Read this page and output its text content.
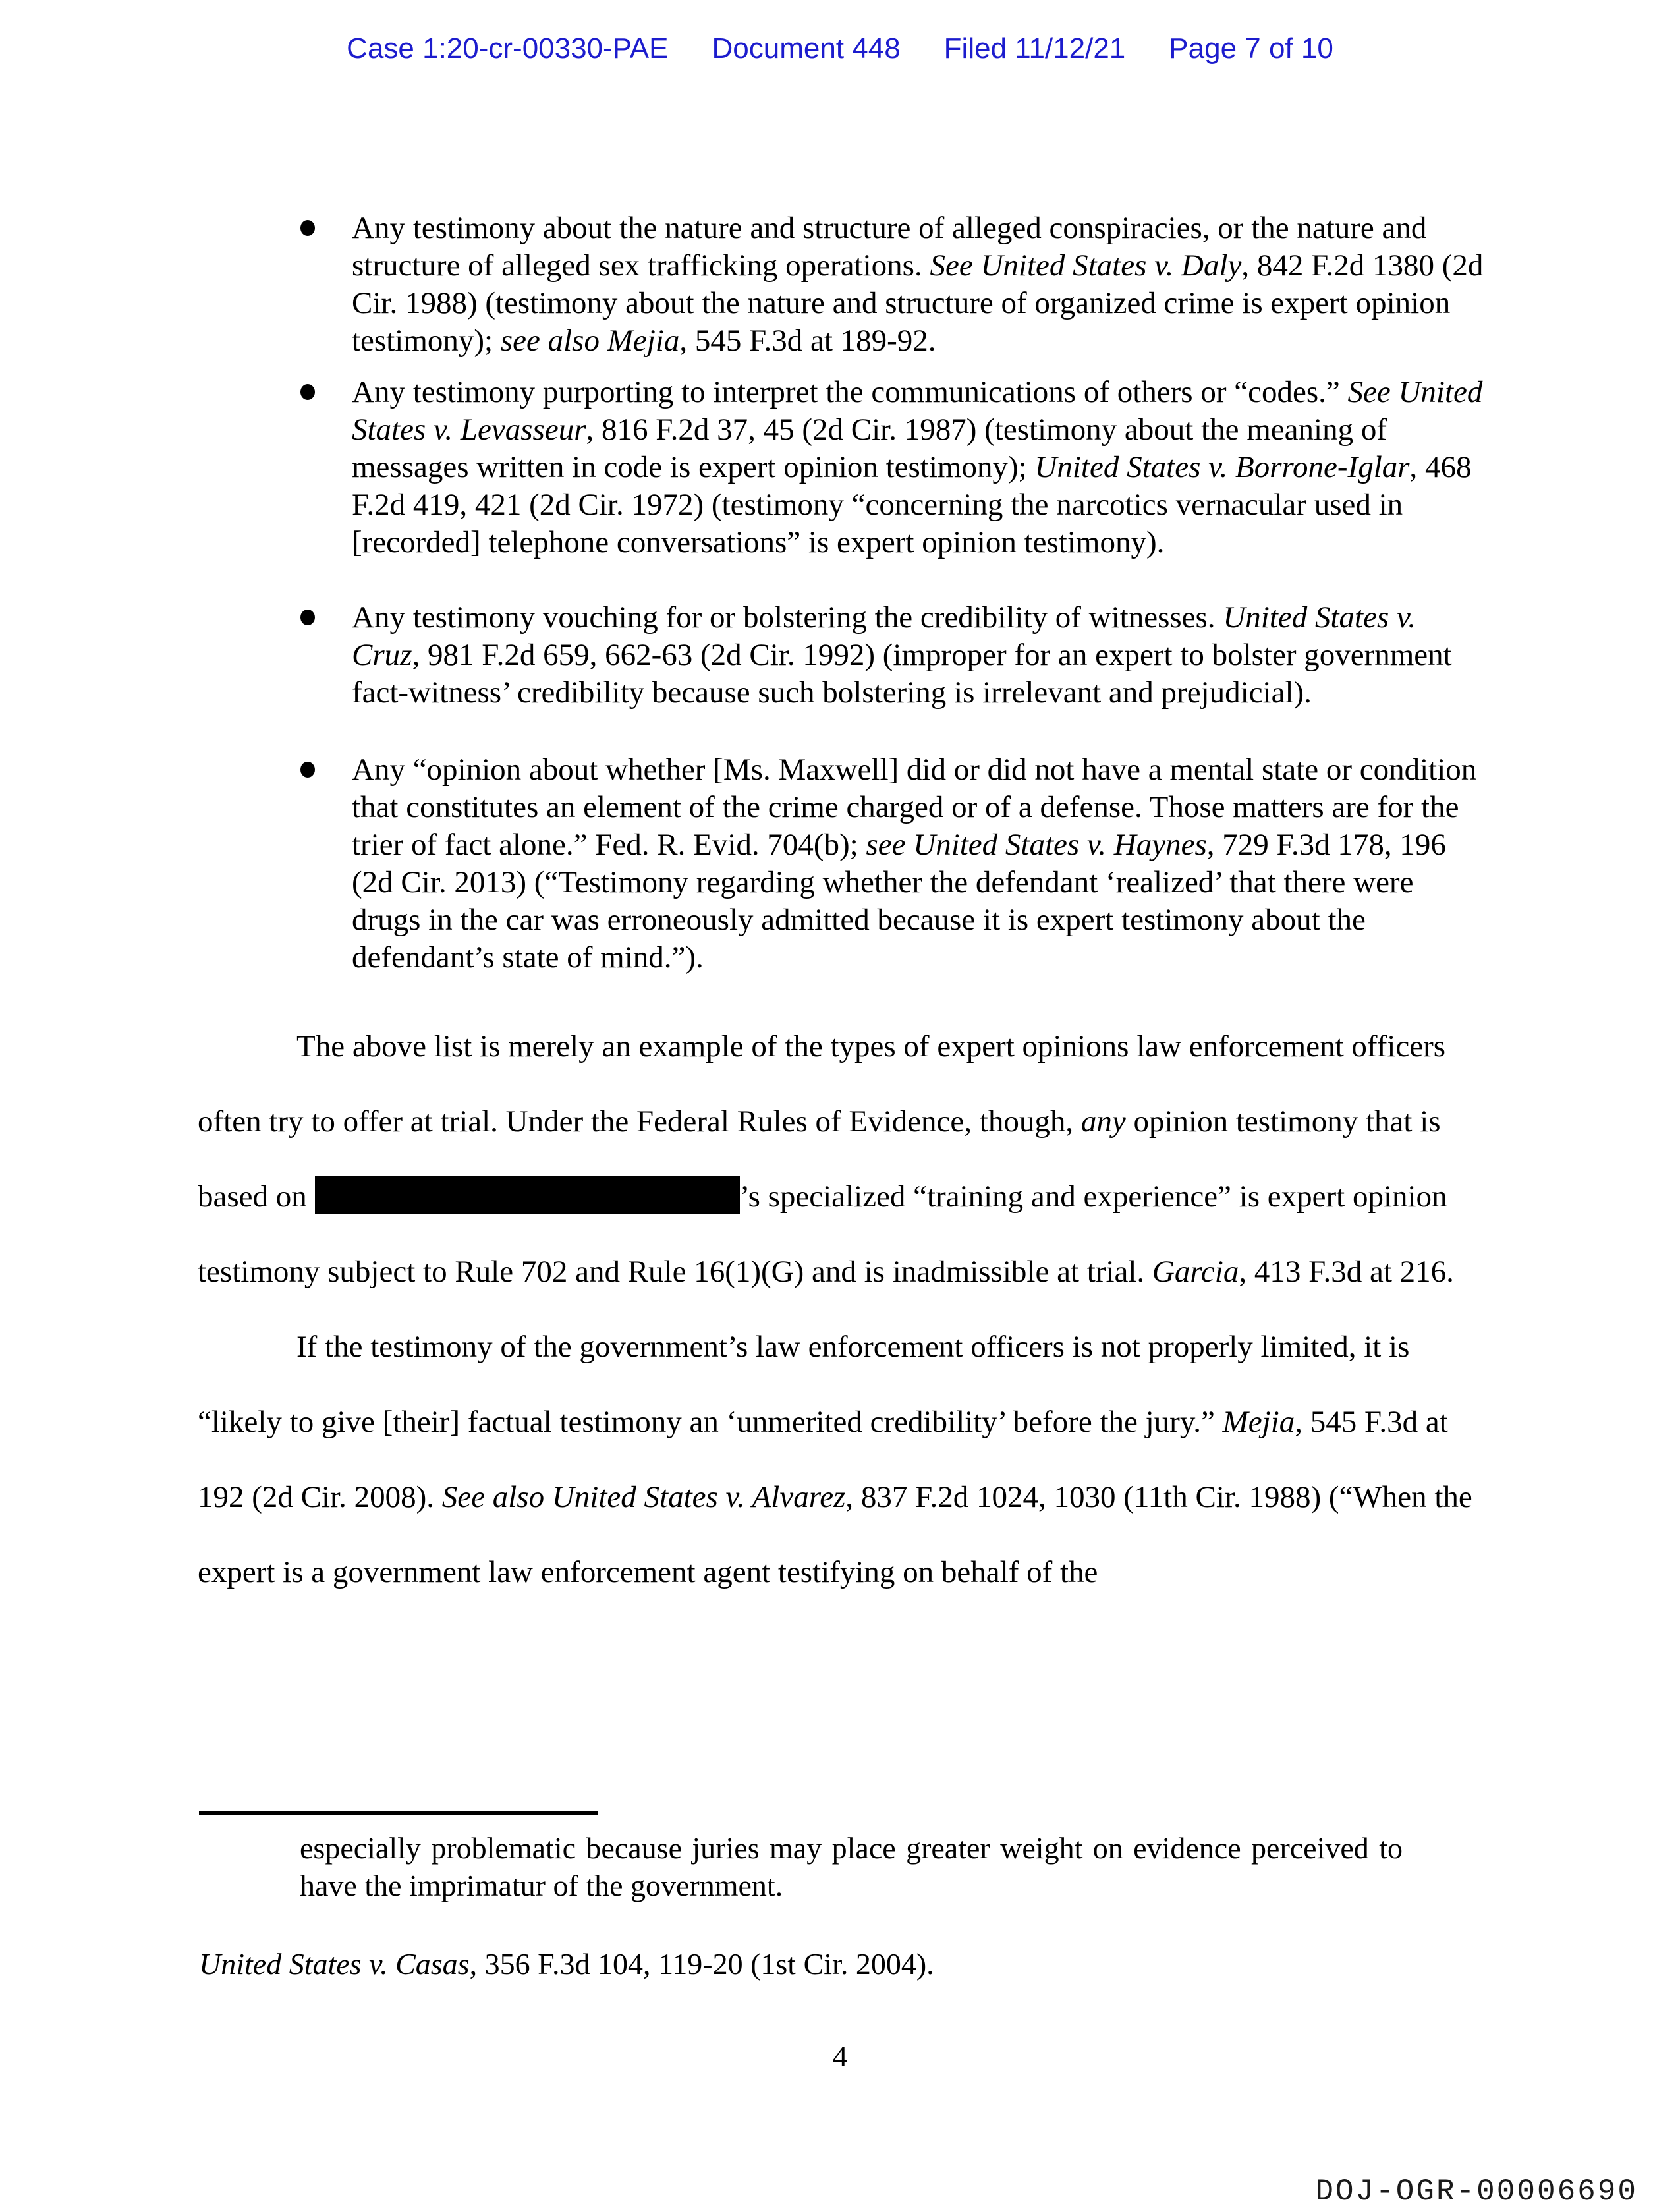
Case 1:20-cr-00330-PAE Document 448 Filed 11/12/21 Page 7 of 10
Any testimony about the nature and structure of alleged conspiracies, or the nature and structure of alleged sex trafficking operations. See United States v. Daly, 842 F.2d 1380 (2d Cir. 1988) (testimony about the nature and structure of organized crime is expert opinion testimony); see also Mejia, 545 F.3d at 189-92.
Any testimony purporting to interpret the communications of others or “codes.” See United States v. Levasseur, 816 F.2d 37, 45 (2d Cir. 1987) (testimony about the meaning of messages written in code is expert opinion testimony); United States v. Borrone-Iglar, 468 F.2d 419, 421 (2d Cir. 1972) (testimony “concerning the narcotics vernacular used in [recorded] telephone conversations” is expert opinion testimony).
Any testimony vouching for or bolstering the credibility of witnesses. United States v. Cruz, 981 F.2d 659, 662-63 (2d Cir. 1992) (improper for an expert to bolster government fact-witness’ credibility because such bolstering is irrelevant and prejudicial).
Any “opinion about whether [Ms. Maxwell] did or did not have a mental state or condition that constitutes an element of the crime charged or of a defense. Those matters are for the trier of fact alone.” Fed. R. Evid. 704(b); see United States v. Haynes, 729 F.3d 178, 196 (2d Cir. 2013) (“Testimony regarding whether the defendant ‘realized’ that there were drugs in the car was erroneously admitted because it is expert testimony about the defendant’s state of mind.”).

The above list is merely an example of the types of expert opinions law enforcement officers often try to offer at trial. Under the Federal Rules of Evidence, though, any opinion testimony that is based on	’s specialized “training and experience” is expert opinion testimony subject to Rule 702 and Rule 16(1)(G) and is inadmissible at trial. Garcia, 413 F.3d at 216.

If the testimony of the government’s law enforcement officers is not properly limited, it is “likely to give [their] factual testimony an ‘unmerited credibility’ before the jury.” Mejia, 545 F.3d at 192 (2d Cir. 2008). See also United States v. Alvarez, 837 F.2d 1024, 1030 (11th Cir. 1988) (“When the expert is a government law enforcement agent testifying on behalf of the

especially problematic because juries may place greater weight on evidence perceived to have the imprimatur of the government.
United States v. Casas, 356 F.3d 104, 119-20 (1st Cir. 2004).
4
DOJ-OGR-00006690
